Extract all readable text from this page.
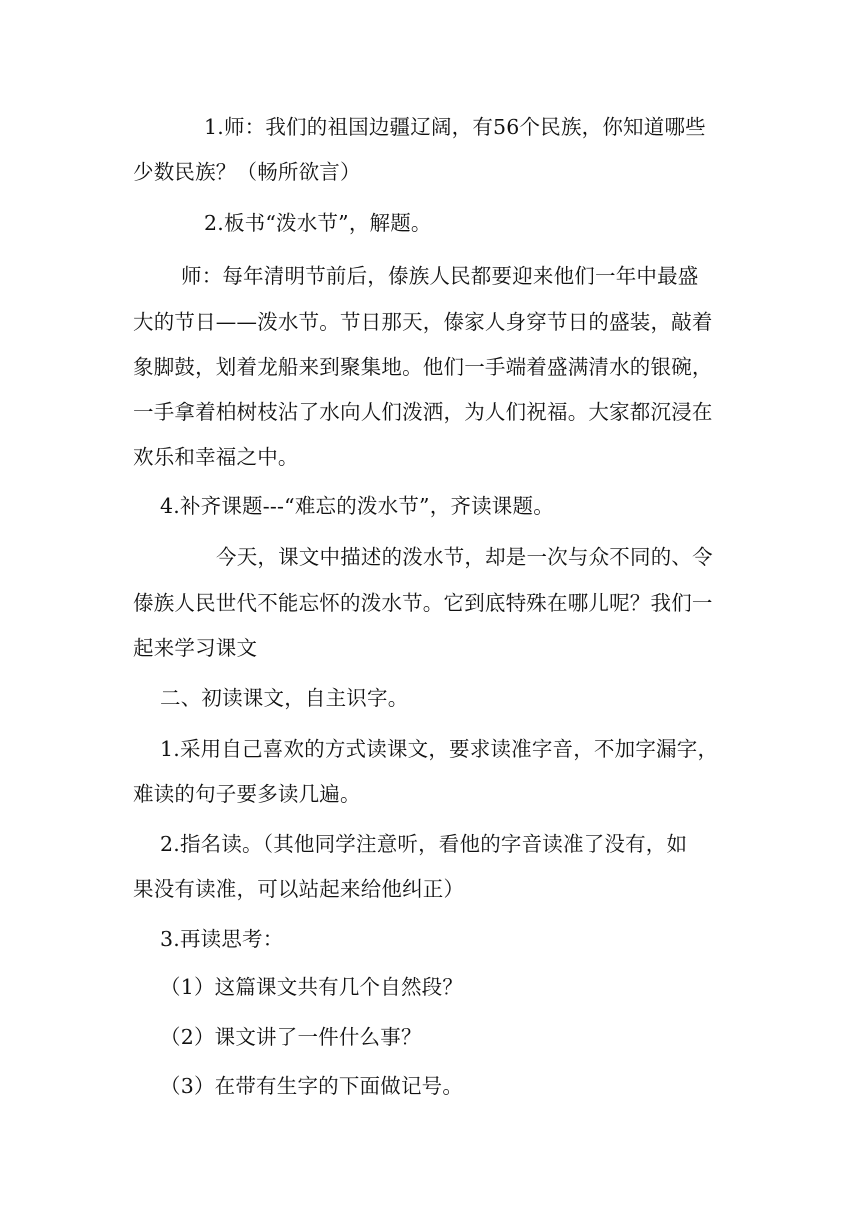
1.师：我们的祖国边疆辽阔，有56个民族，你知道哪些
少数民族？（畅所欲言）
2.板书“泼水节”，解题。
师：每年清明节前后，傣族人民都要迎来他们一年中最盛
大的节日——泼水节。节日那天，傣家人身穿节日的盛装，敲着
象脚鼓，划着龙船来到聚集地。他们一手端着盛满清水的银碗，
一手拿着柏树枝沾了水向人们泼洒，为人们祝福。大家都沉浸在
欢乐和幸福之中。
4.补齐课题---“难忘的泼水节”，齐读课题。
今天，课文中描述的泼水节，却是一次与众不同的、令
傣族人民世代不能忘怀的泼水节。它到底特殊在哪儿呢？我们一
起来学习课文
二、初读课文，自主识字。
1.采用自己喜欢的方式读课文，要求读准字音，不加字漏字，
难读的句子要多读几遍。
2.指名读。（其他同学注意听，看他的字音读准了没有，如
果没有读准，可以站起来给他纠正）
3.再读思考：
（1）这篇课文共有几个自然段？
（2）课文讲了一件什么事？
（3）在带有生字的下面做记号。
